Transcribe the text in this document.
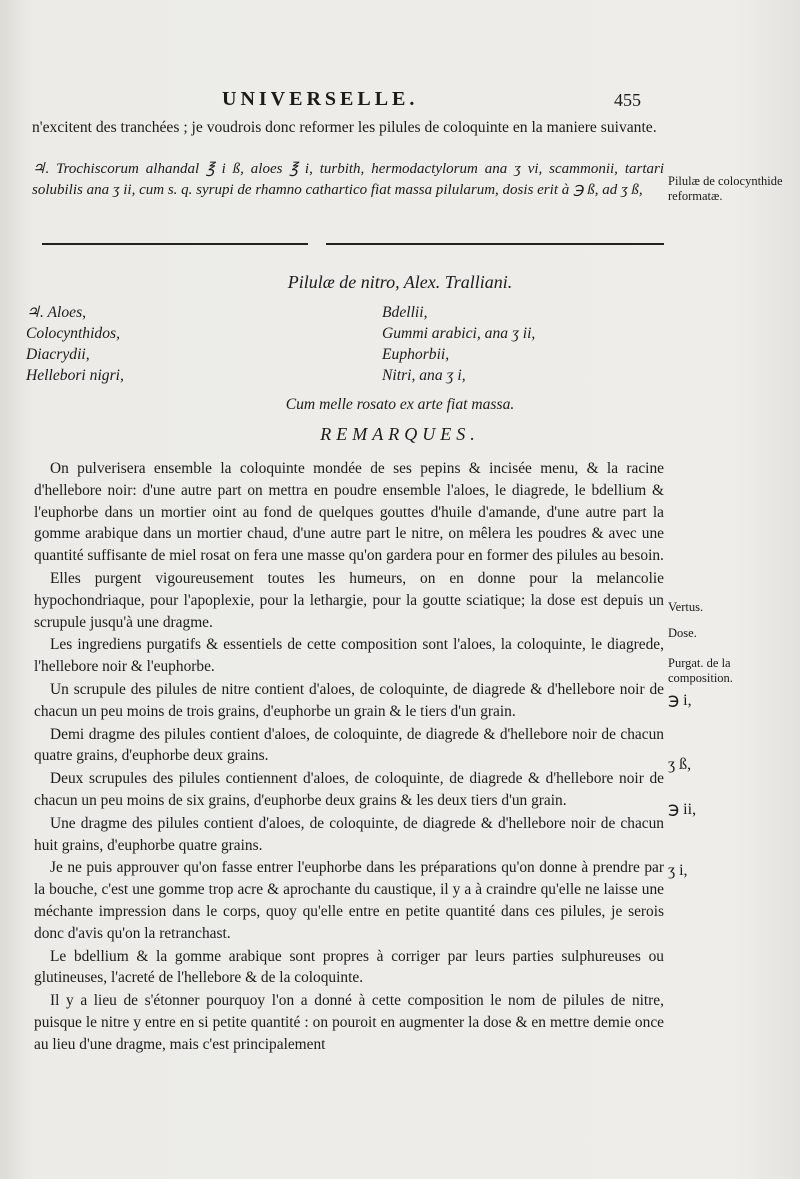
UNIVERSELLE.	455
n'excitent des tranchées ; je voudrois donc reformer les pilules de coloquinte en la maniere suivante.
♃. Trochiscorum alhandal ℥ i ß, aloes ℥ i, turbith, hermodactylorum ana ʒ vi, scammonii, tartari solubilis ana ʒ ii, cum s. q. syrupi de rhamno cathartico fiat massa pilularum, dosis erit à ℈ ß, ad ʒ ß,
Pilulæ de colocynthide reformatæ.
Pilulæ de nitro, Alex. Tralliani.
♃. Aloes,
Colocynthidos,
Diacrydii,
Hellebori nigri,
Bdellii,
Gummi arabici, ana ʒ ii,
Euphorbii,
Nitri, ana ʒ i,
Cum melle rosato ex arte fiat massa.
REMARQUES.

On pulverisera ensemble la coloquinte mondée de ses pepins & incisée menu, & la racine d'hellebore noir: d'une autre part on mettra en poudre ensemble l'aloes, le diagrede, le bdellium & l'euphorbe dans un mortier oint au fond de quelques gouttes d'huile d'amande, d'une autre part la gomme arabique dans un mortier chaud, d'une autre part le nitre, on mêlera les poudres & avec une quantité suffisante de miel rosat on fera une masse qu'on gardera pour en former des pilules au besoin.

Elles purgent vigoureusement toutes les humeurs, on en donne pour la melancolie hypochondriaque, pour l'apoplexie, pour la lethargie, pour la goutte sciatique; la dose est depuis un scrupule jusqu'à une dragme.

Les ingrediens purgatifs & essentiels de cette composition sont l'aloes, la coloquinte, le diagrede, l'hellebore noir & l'euphorbe.

Un scrupule des pilules de nitre contient d'aloes, de coloquinte, de diagrede & d'hellebore noir de chacun un peu moins de trois grains, d'euphorbe un grain & le tiers d'un grain.

Demi dragme des pilules contient d'aloes, de coloquinte, de diagrede & d'hellebore noir de chacun quatre grains, d'euphorbe deux grains.

Deux scrupules des pilules contiennent d'aloes, de coloquinte, de diagrede & d'hellebore noir de chacun un peu moins de six grains, d'euphorbe deux grains & les deux tiers d'un grain.

Une dragme des pilules contient d'aloes, de coloquinte, de diagrede & d'hellebore noir de chacun huit grains, d'euphorbe quatre grains.

Je ne puis approuver qu'on fasse entrer l'euphorbe dans les préparations qu'on donne à prendre par la bouche, c'est une gomme trop acre & aprochante du caustique, il y a à craindre qu'elle ne laisse une méchante impression dans le corps, quoy qu'elle entre en petite quantité dans ces pilules, je serois donc d'avis qu'on la retranchast.

Le bdellium & la gomme arabique sont propres à corriger par leurs parties sulphureuses ou glutineuses, l'acreté de l'hellebore & de la coloquinte.

Il y a lieu de s'étonner pourquoy l'on a donné à cette composition le nom de pilules de nitre, puisque le nitre y entre en si petite quantité : on pouroit en augmenter la dose & en mettre demie once au lieu d'une dragme, mais c'est principalement

Vertus.
Dose.
Purgat. de la composition.
℈ i,
ʒ ß,
℈ ii,
ʒ i,
